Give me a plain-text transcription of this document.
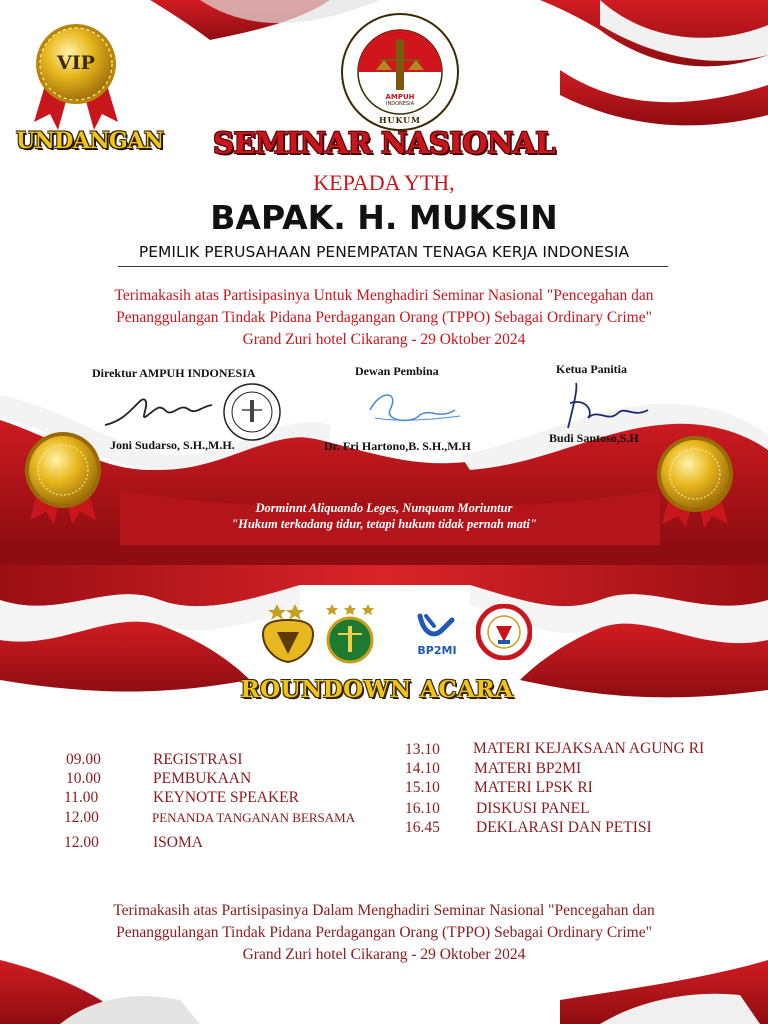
VIP
UNDANGAN
AMPUH
INDONESIA
HUKUM
SEMINAR NASIONAL
KEPADA YTH,
BAPAK. H. MUKSIN
PEMILIK PERUSAHAAN PENEMPATAN TENAGA KERJA INDONESIA
Terimakasih atas Partisipasinya Untuk Menghadiri Seminar Nasional "Pencegahan dan
Penanggulangan Tindak Pidana Perdagangan Orang (TPPO) Sebagai Ordinary Crime"
Grand Zuri hotel Cikarang - 29 Oktober 2024
Direktur AMPUH INDONESIA	Dewan Pembina	Ketua Panitia
Joni Sudarso, S.H.,M.H.	Dr. Fri Hartono,B. S.H.,M.H
Budi Santoso,S.H
Dorminnt Aliquando Leges, Nunquam Moriuntur
"Hukum terkadang tidur, tetapi hukum tidak pernah mati"
BP2MI
ROUNDOWN ACARA
09.00	REGISTRASI
10.00	PEMBUKAAN
11.00	KEYNOTE SPEAKER
12.00	PENANDA TANGANAN BERSAMA
12.00	ISOMA
13.10 MATERI KEJAKSAAN AGUNG RI
14.10 MATERI BP2MI
15.10 MATERI LPSK RI
16.10 DISKUSI PANEL
16.45 DEKLARASI DAN PETISI
Terimakasih atas Partisipasinya Dalam Menghadiri Seminar Nasional "Pencegahan dan
Penanggulangan Tindak Pidana Perdagangan Orang (TPPO) Sebagai Ordinary Crime"
Grand Zuri hotel Cikarang - 29 Oktober 2024
